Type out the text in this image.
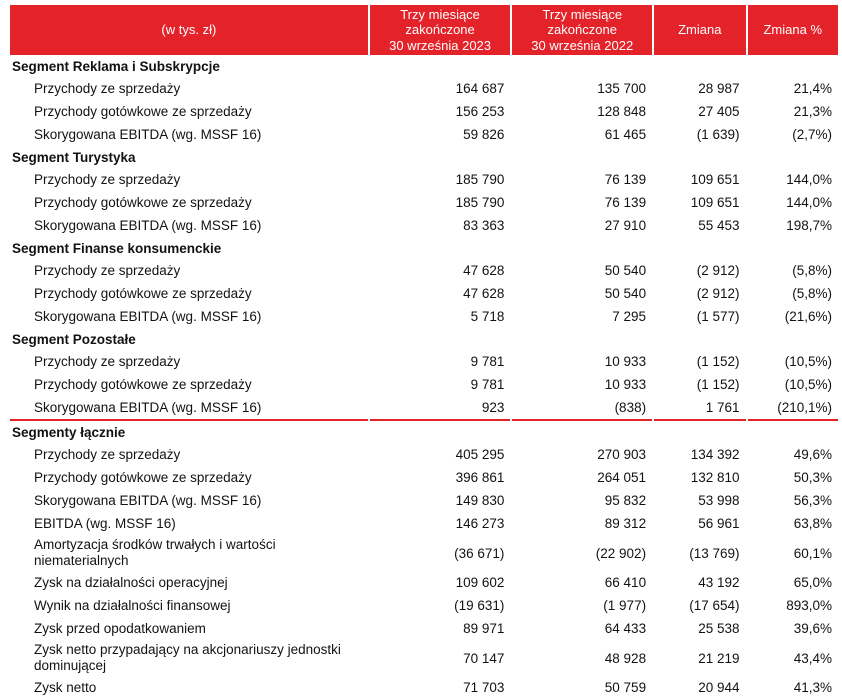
(w tys. zł)	Trzy miesiące
zakończone
30 września 2023	Trzy miesiące
zakończone
30 września 2022	Zmiana	Zmiana %
Segment Reklama i Subskrypcje				
Przychody ze sprzedaży	164 687	135 700	28 987	21,4%
Przychody gotówkowe ze sprzedaży	156 253	128 848	27 405	21,3%
Skorygowana EBITDA (wg. MSSF 16)	59 826	61 465	(1 639)	(2,7%)
Segment Turystyka				
Przychody ze sprzedaży	185 790	76 139	109 651	144,0%
Przychody gotówkowe ze sprzedaży	185 790	76 139	109 651	144,0%
Skorygowana EBITDA (wg. MSSF 16)	83 363	27 910	55 453	198,7%
Segment Finanse konsumenckie				
Przychody ze sprzedaży	47 628	50 540	(2 912)	(5,8%)
Przychody gotówkowe ze sprzedaży	47 628	50 540	(2 912)	(5,8%)
Skorygowana EBITDA (wg. MSSF 16)	5 718	7 295	(1 577)	(21,6%)
Segment Pozostałe				
Przychody ze sprzedaży	9 781	10 933	(1 152)	(10,5%)
Przychody gotówkowe ze sprzedaży	9 781	10 933	(1 152)	(10,5%)
Skorygowana EBITDA (wg. MSSF 16)	923	(838)	1 761	(210,1%)
Segmenty łącznie				
Przychody ze sprzedaży	405 295	270 903	134 392	49,6%
Przychody gotówkowe ze sprzedaży	396 861	264 051	132 810	50,3%
Skorygowana EBITDA (wg. MSSF 16)	149 830	95 832	53 998	56,3%
EBITDA (wg. MSSF 16)	146 273	89 312	56 961	63,8%
Amortyzacja środków trwałych i wartości niematerialnych	(36 671)	(22 902)	(13 769)	60,1%
Zysk na działalności operacyjnej	109 602	66 410	43 192	65,0%
Wynik na działalności finansowej	(19 631)	(1 977)	(17 654)	893,0%
Zysk przed opodatkowaniem	89 971	64 433	25 538	39,6%
Zysk netto przypadający na akcjonariuszy jednostki dominującej	70 147	48 928	21 219	43,4%
Zysk netto	71 703	50 759	20 944	41,3%
